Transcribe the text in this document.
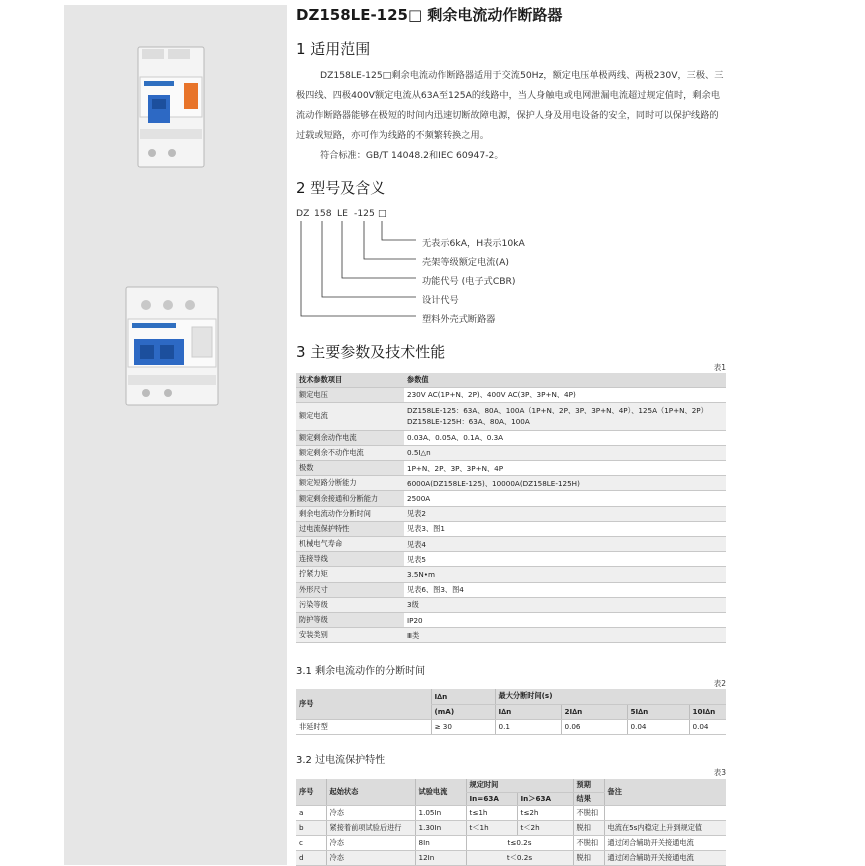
DZ158LE-125□ 剩余电流动作断路器
1 适用范围
DZ158LE-125□剩余电流动作断路器适用于交流50Hz，额定电压单极两线、两极230V，三极、三极四线、四极400V额定电流从63A至125A的线路中，当人身触电或电网泄漏电流超过规定值时，剩余电流动作断路器能够在极短的时间内迅速切断故障电源，保护人身及用电设备的安全，同时可以保护线路的过载或短路，亦可作为线路的不频繁转换之用。
符合标准：GB/T 14048.2和IEC 60947-2。
2 型号及含义
DZ 158 LE -125 □
无表示6kA，H表示10kA
壳架等级额定电流(A)
功能代号 (电子式CBR)
设计代号
塑料外壳式断路器
3 主要参数及技术性能
表1
技术参数项目	参数值
额定电压	230V AC(1P+N、2P)、400V AC(3P、3P+N、4P)
额定电流	DZ158LE-125：63A、80A、100A（1P+N、2P、3P、3P+N、4P）、125A（1P+N、2P）
DZ158LE-125H：63A、80A、100A
额定剩余动作电流	0.03A、0.05A、0.1A、0.3A
额定剩余不动作电流	0.5I△n
极数	1P+N、2P、3P、3P+N、4P
额定短路分断能力	6000A(DZ158LE-125)、10000A(DZ158LE-125H)
额定剩余接通和分断能力	2500A
剩余电流动作分断时间	见表2
过电流保护特性	见表3、图1
机械电气寿命	见表4
连接导线	见表5
拧紧力矩	3.5N•m
外形尺寸	见表6、图3、图4
污染等级	3级
防护等级	IP20
安装类别	Ⅲ类
3.1 剩余电流动作的分断时间
表2
序号	I∆n	最大分断时间(s)			
	(mA)	I∆n	2I∆n	5I∆n	10I∆n
非延时型	≥ 30	0.1	0.06	0.04	0.04
3.2 过电流保护特性
表3
序号	起始状态	试验电流	规定时间		预期	备注
			In=63A	In＞63A	结果	
a	冷态	1.05In	t≤1h	t≤2h	不脱扣	
b	紧接着前项试验后进行	1.30In	t＜1h	t＜2h	脱扣	电流在5s内稳定上升到规定值
c	冷态	8In	t≤0.2s		不脱扣	通过闭合辅助开关接通电流
d	冷态	12In	t＜0.2s		脱扣	通过闭合辅助开关接通电流
